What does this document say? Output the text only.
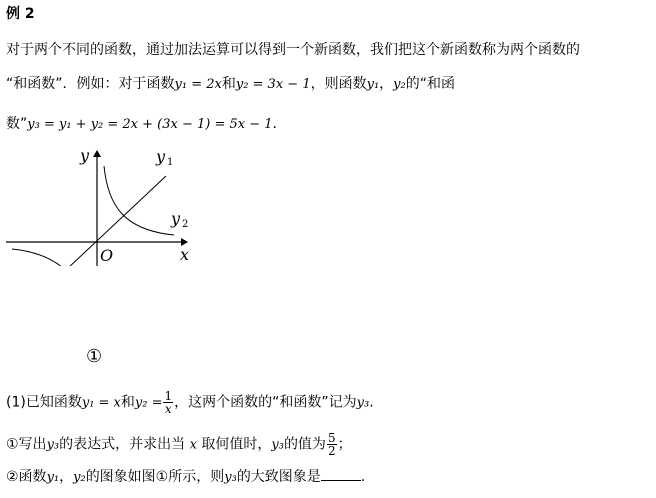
例 2
对于两个不同的函数，通过加法运算可以得到一个新函数，我们把这个新函数称为两个函数的
“和函数”．例如：对于函数y₁ = 2x和y₂ = 3x − 1，则函数y₁，y₂的“和函
数”y₃ = y₁ + y₂ = 2x + (3x − 1) = 5x − 1．
y
x
O
y 1
y 2
①
(1)已知函数y₁ = x和$y_2 = \frac{1}{x}$ ，这两个函数的“和函数”记为y₃.
①写出y₃的表达式，并求出当 x 取何值时，y₃的值为 $\frac{5}{2}$ ；
②函数y₁，y₂的图象如图①所示，则y₃的大致图象是	.
